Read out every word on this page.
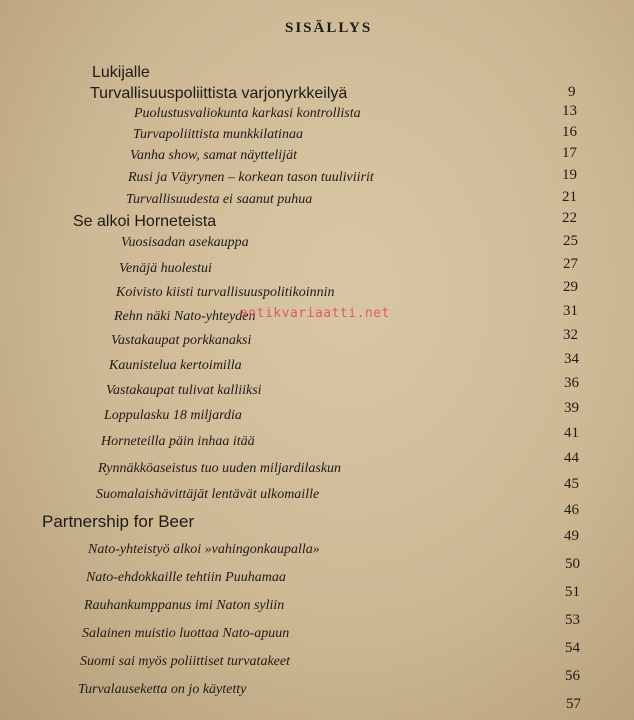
SISÄLLYS
Lukijalle
Turvallisuuspoliittista varjonyrkkeilyä
Puolustusvaliokunta karkasi kontrollista
Turvapoliittista munkkilatinaa
Vanha show, samat näyttelijät
Rusi ja Väyrynen – korkean tason tuuliviirit
Turvallisuudesta ei saanut puhua
Se alkoi Horneteista
Vuosisadan asekauppa
Venäjä huolestui
Koivisto kiisti turvallisuuspolitikoinnin
Rehn näki Nato-yhteyden
Vastakaupat porkkanaksi
Kaunistelua kertoimilla
Vastakaupat tulivat kalliiksi
Loppulasku 18 miljardia
Horneteilla päin inhaa itää
Rynnäkköaseistus tuo uuden miljardilaskun
Suomalaishävittäjät lentävät ulkomaille
Partnership for Beer
Nato-yhteistyö alkoi »vahingonkaupalla»
Nato-ehdokkaille tehtiin Puuhamaa
Rauhankumppanus imi Naton syliin
Salainen muistio luottaa Nato-apuun
Suomi sai myös poliittiset turvatakeet
Turvalauseketta on jo käytetty
9
13
16
17
19
21
22
25
27
29
31
32
34
36
39
41
44
45
46
49
50
51
53
54
56
57
antikvariaatti.net
